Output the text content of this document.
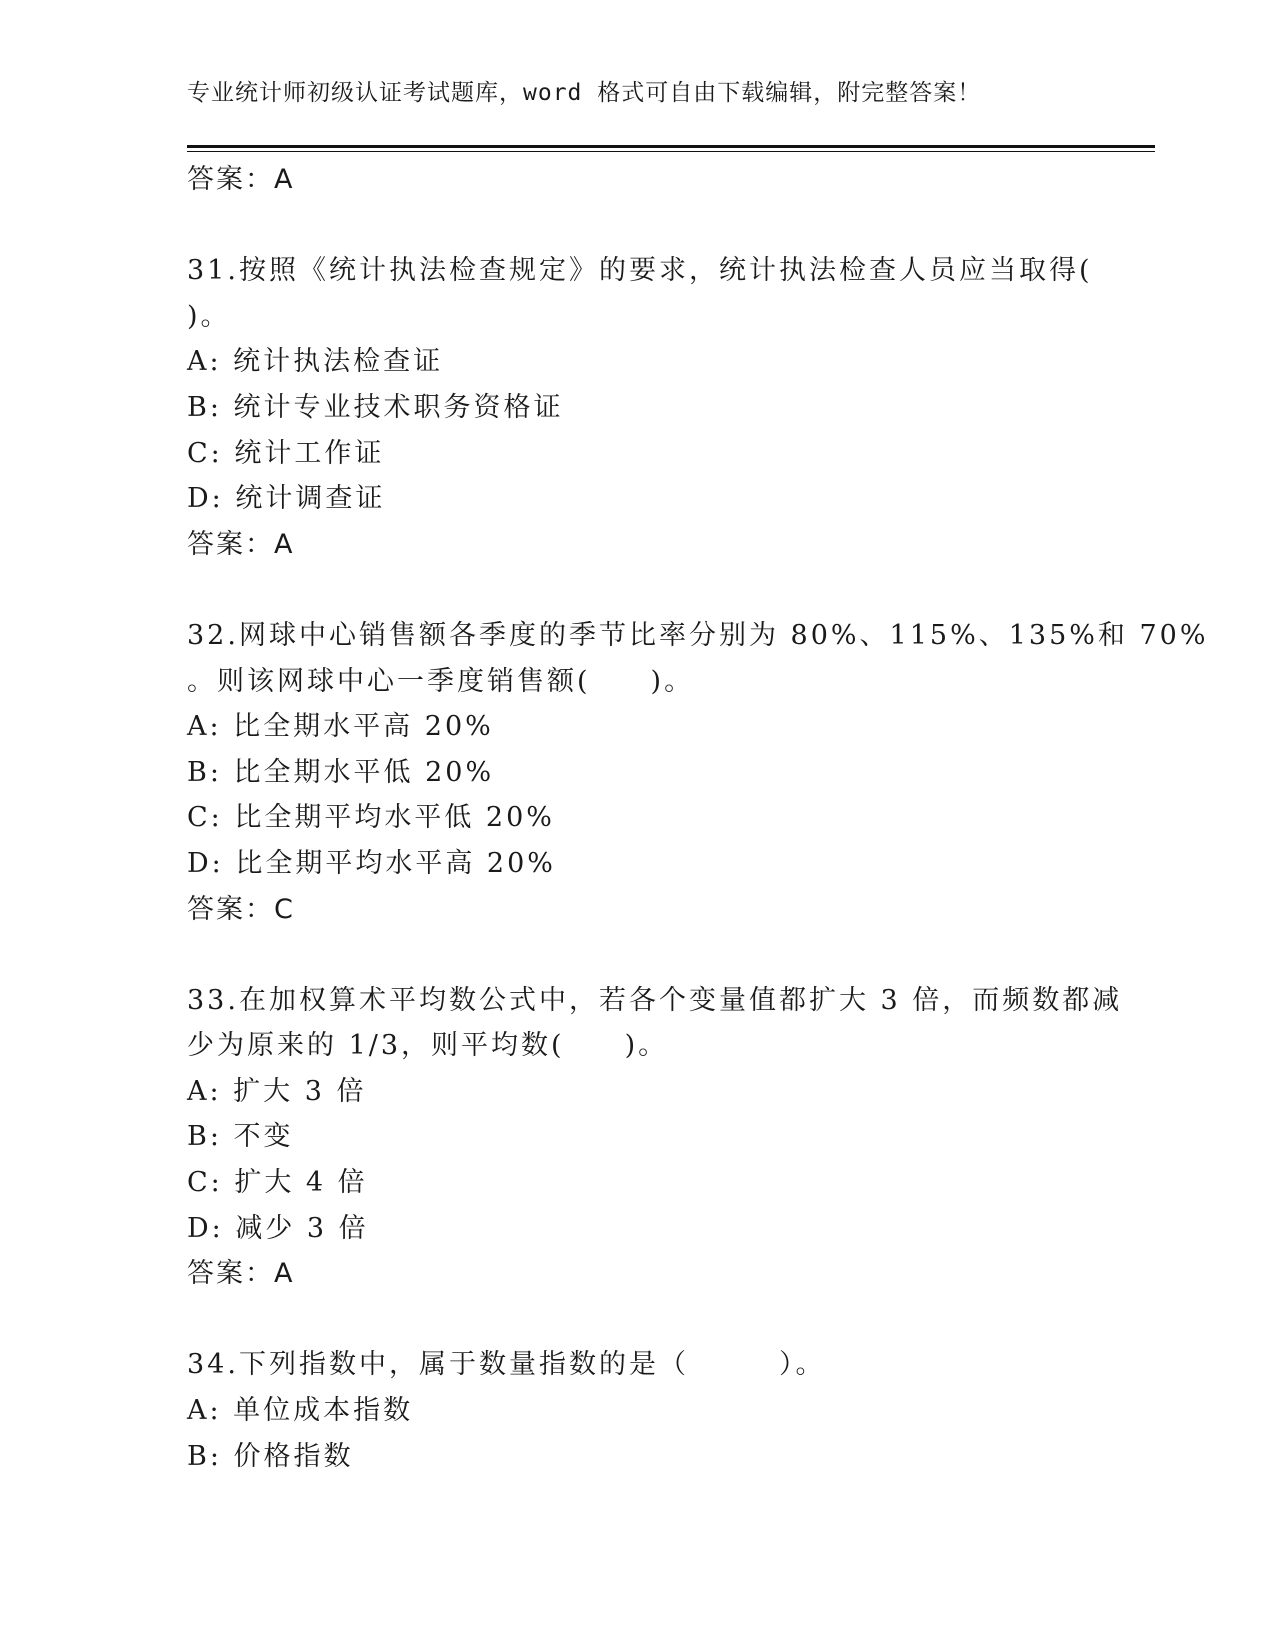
专业统计师初级认证考试题库，word 格式可自由下载编辑，附完整答案！
答案：A
31.按照《统计执法检查规定》的要求，统计执法检查人员应当取得(
)。
A: 统计执法检查证
B: 统计专业技术职务资格证
C: 统计工作证
D: 统计调查证
答案：A
32.网球中心销售额各季度的季节比率分别为 80%、115%、135%和 70%
。则该网球中心一季度销售额(　　)。
A: 比全期水平高 20%
B: 比全期水平低 20%
C: 比全期平均水平低 20%
D: 比全期平均水平高 20%
答案：C
33.在加权算术平均数公式中，若各个变量值都扩大 3 倍，而频数都减
少为原来的 1/3，则平均数(　　)。
A: 扩大 3 倍
B: 不变
C: 扩大 4 倍
D: 减少 3 倍
答案：A
34.下列指数中，属于数量指数的是（　　　）。
A: 单位成本指数
B: 价格指数
